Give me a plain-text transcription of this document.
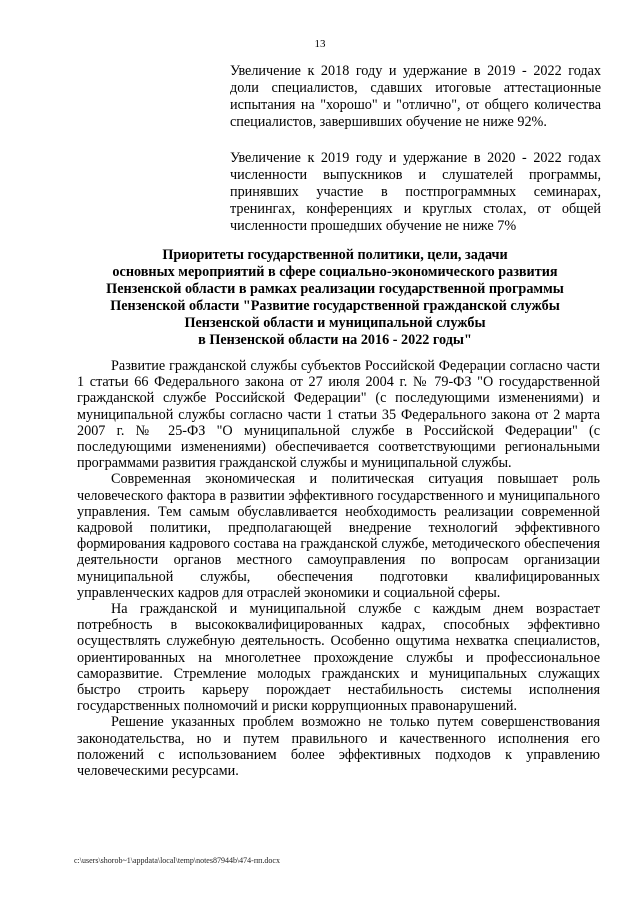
13

Увеличение к 2018 году и удержание в 2019 - 2022 годах доли специалистов, сдавших итоговые аттестационные испытания на "хорошо" и "отлично", от общего количества специалистов, завершивших обучение не ниже 92%.

Увеличение к 2019 году и удержание в 2020 - 2022 годах численности выпускников и слушателей программы, принявших участие в постпрограммных семинарах, тренингах, конференциях и круглых столах, от общей численности прошедших обучение не ниже 7%

Приоритеты государственной политики, цели, задачи
основных мероприятий в сфере социально-экономического развития
Пензенской области в рамках реализации государственной программы
Пензенской области "Развитие государственной гражданской службы
Пензенской области и муниципальной службы
в Пензенской области на 2016 - 2022 годы"

Развитие гражданской службы субъектов Российской Федерации согласно части 1 статьи 66 Федерального закона от 27 июля 2004 г. № 79-ФЗ "О государственной гражданской службе Российской Федерации" (с последующими изменениями) и муниципальной службы согласно части 1 статьи 35 Федерального закона от 2 марта 2007 г. № 25-ФЗ "О муниципальной службе в Российской Федерации" (с последующими изменениями) обеспечивается соответствующими региональными программами развития гражданской службы и муниципальной службы.

Современная экономическая и политическая ситуация повышает роль человеческого фактора в развитии эффективного государственного и муниципального управления. Тем самым обуславливается необходимость реализации современной кадровой политики, предполагающей внедрение технологий эффективного формирования кадрового состава на гражданской службе, методического обеспечения деятельности органов местного самоуправления по вопросам организации муниципальной службы, обеспечения подготовки квалифицированных управленческих кадров для отраслей экономики и социальной сферы.

На гражданской и муниципальной службе с каждым днем возрастает потребность в высококвалифицированных кадрах, способных эффективно осуществлять служебную деятельность. Особенно ощутима нехватка специалистов, ориентированных на многолетнее прохождение службы и профессиональное саморазвитие. Стремление молодых гражданских и муниципальных служащих быстро строить карьеру порождает нестабильность системы исполнения государственных полномочий и риски коррупционных правонарушений.

Решение указанных проблем возможно не только путем совершенствования законодательства, но и путем правильного и качественного исполнения его положений с использованием более эффективных подходов к управлению человеческими ресурсами.

c:\users\shorob~1\appdata\local\temp\notes87944b\474-пп.docx
